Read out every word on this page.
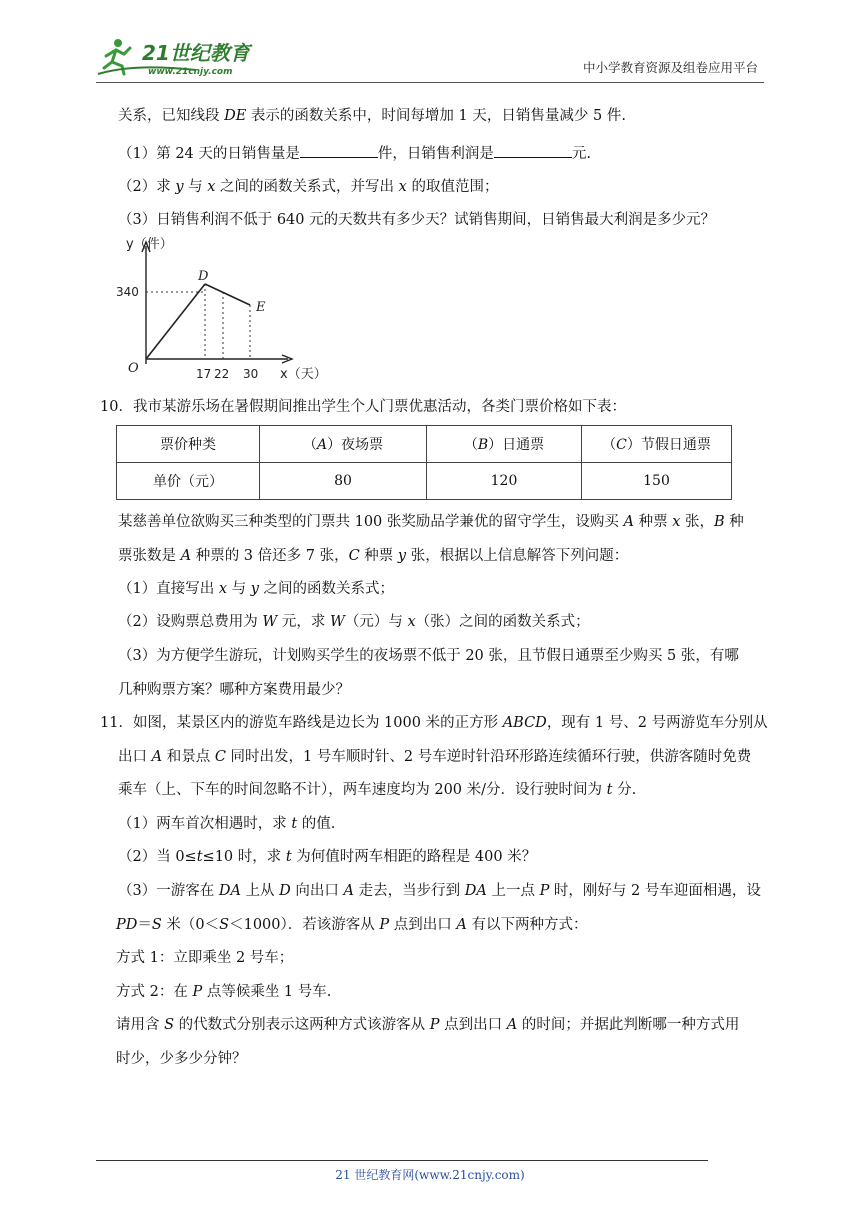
21世纪教育
www.21cnjy.com	中小学教育资源及组卷应用平台
关系，已知线段 DE 表示的函数关系中，时间每增加 1 天，日销售量减少 5 件.
（1）第 24 天的日销售量是	件，日销售利润是	元.
（2）求 y 与 x 之间的函数关系式，并写出 x 的取值范围；
（3）日销售利润不低于 640 元的天数共有多少天？试销售期间，日销售最大利润是多少元？
y（件）
x（天）
O
D
E
340
17 22 30
10．我市某游乐场在暑假期间推出学生个人门票优惠活动，各类门票价格如下表：
票价种类	（A）夜场票	（B）日通票	（C）节假日通票
单价（元）	80	120	150
某慈善单位欲购买三种类型的门票共 100 张奖励品学兼优的留守学生，设购买 A 种票 x 张，B 种
票张数是 A 种票的 3 倍还多 7 张，C 种票 y 张，根据以上信息解答下列问题：
（1）直接写出 x 与 y 之间的函数关系式；
（2）设购票总费用为 W 元，求 W（元）与 x（张）之间的函数关系式；
（3）为方便学生游玩，计划购买学生的夜场票不低于 20 张，且节假日通票至少购买 5 张，有哪
几种购票方案？哪种方案费用最少？
11．如图，某景区内的游览车路线是边长为 1000 米的正方形 ABCD，现有 1 号、2 号两游览车分别从
出口 A 和景点 C 同时出发，1 号车顺时针、2 号车逆时针沿环形路连续循环行驶，供游客随时免费
乘车（上、下车的时间忽略不计），两车速度均为 200 米/分．设行驶时间为 t 分.
（1）两车首次相遇时，求 t 的值.
（2）当 0≤t≤10 时，求 t 为何值时两车相距的路程是 400 米？
（3）一游客在 DA 上从 D 向出口 A 走去，当步行到 DA 上一点 P 时，刚好与 2 号车迎面相遇，设
PD＝S 米（0＜S＜1000）．若该游客从 P 点到出口 A 有以下两种方式：
方式 1：立即乘坐 2 号车；
方式 2：在 P 点等候乘坐 1 号车.
请用含 S 的代数式分别表示这两种方式该游客从 P 点到出口 A 的时间；并据此判断哪一种方式用
时少，少多少分钟？
21 世纪教育网(www.21cnjy.com)
